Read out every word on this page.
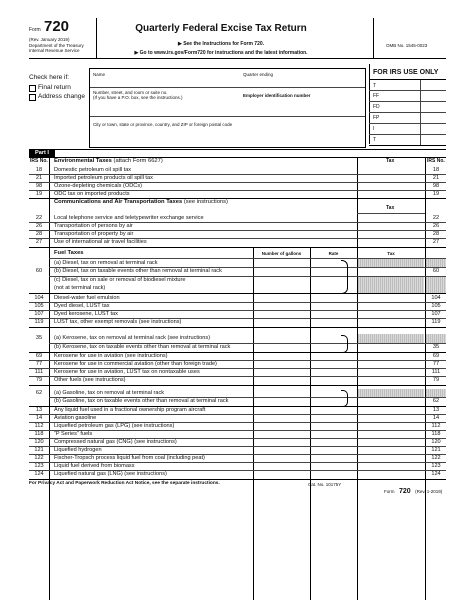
Form 720
(Rev. January 2019)
Department of the Treasury
Internal Revenue Service
Quarterly Federal Excise Tax Return
▶ See the Instructions for Form 720.
▶ Go to www.irs.gov/Form720 for instructions and the latest information.
OMB No. 1545-0023
Check here if:
Final return
Address change
Name	Quarter ending
Number, street, and room or suite no.
(If you have a P.O. box, see the instructions.)	Employer identification number
City or town, state or province, country, and ZIP or foreign postal code
FOR IRS USE ONLY
T
FF
FD
FP
I
T
Part I
IRS No. Environmental Taxes (attach Form 6627)	Tax	IRS No.
18	Domestic petroleum oil spill tax	18
21	Imported petroleum products oil spill tax	21
98	Ozone-depleting chemicals (ODCs)	98
19	ODC tax on imported products	19
Communications and Air Transportation Taxes (see instructions)
Tax
22	Local telephone service and teletypewriter exchange service	22
26	Transportation of persons by air	26
28	Transportation of property by air	28
27	Use of international air travel facilities	27
Fuel Taxes	Number of gallons	Rate	Tax
(a) Diesel, tax on removal at terminal rack
60	(b) Diesel, tax on taxable events other than removal at terminal rack	60
(c) Diesel, tax on sale or removal of biodiesel mixture
(not at terminal rack)
104	Diesel-water fuel emulsion	104
105	Dyed diesel, LUST tax	105
107	Dyed kerosene, LUST tax	107
119	LUST tax, other exempt removals (see instructions)	119
35	(a) Kerosene, tax on removal at terminal rack (see instructions)
(b) Kerosene, tax on taxable events other than removal at terminal rack	35
69	Kerosene for use in aviation (see instructions)	69
77	Kerosene for use in commercial aviation (other than foreign trade)	77
111	Kerosene for use in aviation, LUST tax on nontaxable uses	111
79	Other fuels (see instructions)	79
62	(a) Gasoline, tax on removal at terminal rack
(b) Gasoline, tax on taxable events other than removal at terminal rack	62
13	Any liquid fuel used in a fractional ownership program aircraft	13
14	Aviation gasoline	14
112	Liquefied petroleum gas (LPG) (see instructions)	112
118	“P Series” fuels	118
120	Compressed natural gas (CNG) (see instructions)	120
121	Liquefied hydrogen	121
122	Fischer-Tropsch process liquid fuel from coal (including peat)	122
123	Liquid fuel derived from biomass	123
124	Liquefied natural gas (LNG) (see instructions)	124
For Privacy Act and Paperwork Reduction Act Notice, see the separate instructions.	Cat. No. 10175Y
Form 720 (Rev. 1-2019)
